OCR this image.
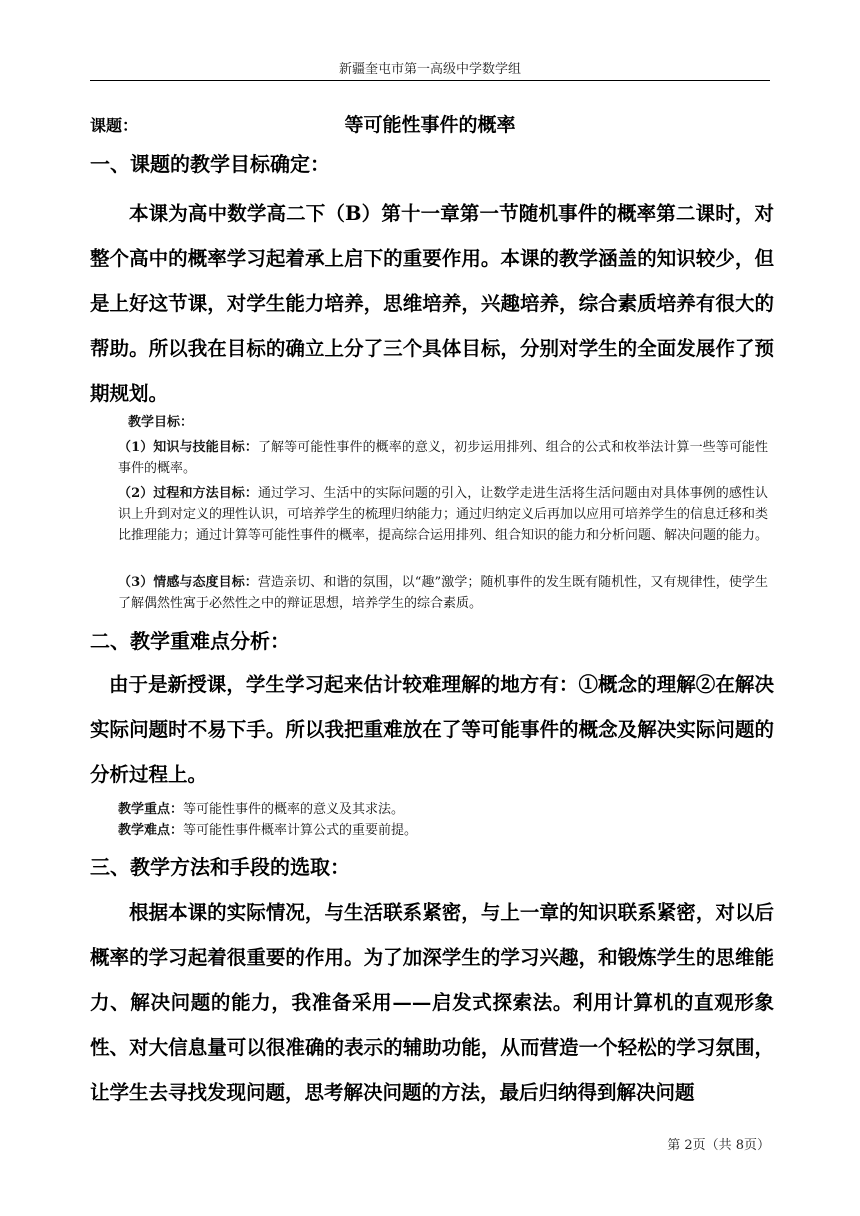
新疆奎屯市第一高级中学数学组
课题：	等可能性事件的概率
一、课题的教学目标确定：
本课为高中数学高二下（B）第十一章第一节随机事件的概率第二课时，对整个高中的概率学习起着承上启下的重要作用。本课的教学涵盖的知识较少，但是上好这节课，对学生能力培养，思维培养，兴趣培养，综合素质培养有很大的帮助。所以我在目标的确立上分了三个具体目标，分别对学生的全面发展作了预期规划。
教学目标：
（1）知识与技能目标：了解等可能性事件的概率的意义，初步运用排列、组合的公式和枚举法计算一些等可能性事件的概率。
（2）过程和方法目标：通过学习、生活中的实际问题的引入，让数学走进生活将生活问题由对具体事例的感性认识上升到对定义的理性认识，可培养学生的梳理归纳能力；通过归纳定义后再加以应用可培养学生的信息迁移和类比推理能力；通过计算等可能性事件的概率，提高综合运用排列、组合知识的能力和分析问题、解决问题的能力。
（3）情感与态度目标：营造亲切、和谐的氛围，以“趣”激学；随机事件的发生既有随机性，又有规律性，使学生了解偶然性寓于必然性之中的辩证思想，培养学生的综合素质。
二、教学重难点分析：
由于是新授课，学生学习起来估计较难理解的地方有：①概念的理解②在解决实际问题时不易下手。所以我把重难放在了等可能事件的概念及解决实际问题的分析过程上。
教学重点：等可能性事件的概率的意义及其求法。
教学难点：等可能性事件概率计算公式的重要前提。
三、教学方法和手段的选取：
根据本课的实际情况，与生活联系紧密，与上一章的知识联系紧密，对以后概率的学习起着很重要的作用。为了加深学生的学习兴趣，和锻炼学生的思维能力、解决问题的能力，我准备采用——启发式探索法。利用计算机的直观形象性、对大信息量可以很准确的表示的辅助功能，从而营造一个轻松的学习氛围，让学生去寻找发现问题，思考解决问题的方法，最后归纳得到解决问题
第 2页（共 8页）
